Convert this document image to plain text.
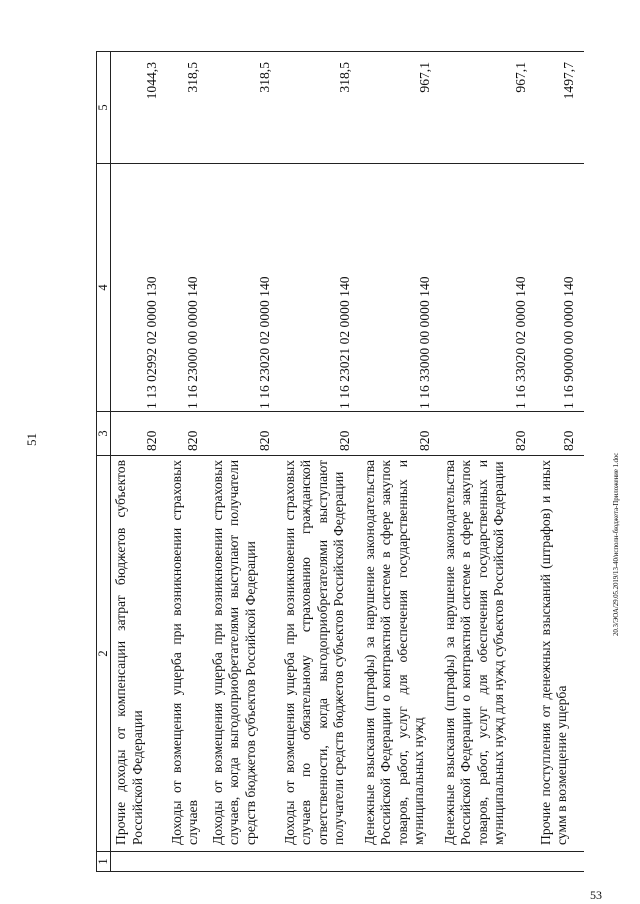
51
20.3/ЭОА/29.05.2019/13-40/исполн-бюджета-Приложение 1.doc
53
1	2	3	4	5
	Прочие доходы от компенсации затрат бюджетов субъектов Российской Федерации	820	1 13 02992 02 0000 130	1044,3
	Доходы от возмещения ущерба при возникновении страховых случаев	820	1 16 23000 00 0000 140	318,5
	Доходы от возмещения ущерба при возникновении страховых случаев, когда выгодоприобретателями выступают получатели средств бюджетов субъектов Российской Федерации	820	1 16 23020 02 0000 140	318,5
	Доходы от возмещения ущерба при возникновении страховых случаев по обязательному страхованию гражданской ответственности, когда выгодоприобретателями выступают получатели средств бюджетов субъектов Российской Федерации	820	1 16 23021 02 0000 140	318,5
	Денежные взыскания (штрафы) за нарушение законодательства Российской Федерации о контрактной системе в сфере закупок товаров, работ, услуг для обеспечения государственных и муниципальных нужд	820	1 16 33000 00 0000 140	967,1
	Денежные взыскания (штрафы) за нарушение законодательства Российской Федерации о контрактной системе в сфере закупок товаров, работ, услуг для обеспечения государственных и муниципальных нужд для нужд субъектов Российской Федерации	820	1 16 33020 02 0000 140	967,1
	Прочие поступления от денежных взысканий (штрафов) и иных сумм в возмещение ущерба	820	1 16 90000 00 0000 140	1497,7
